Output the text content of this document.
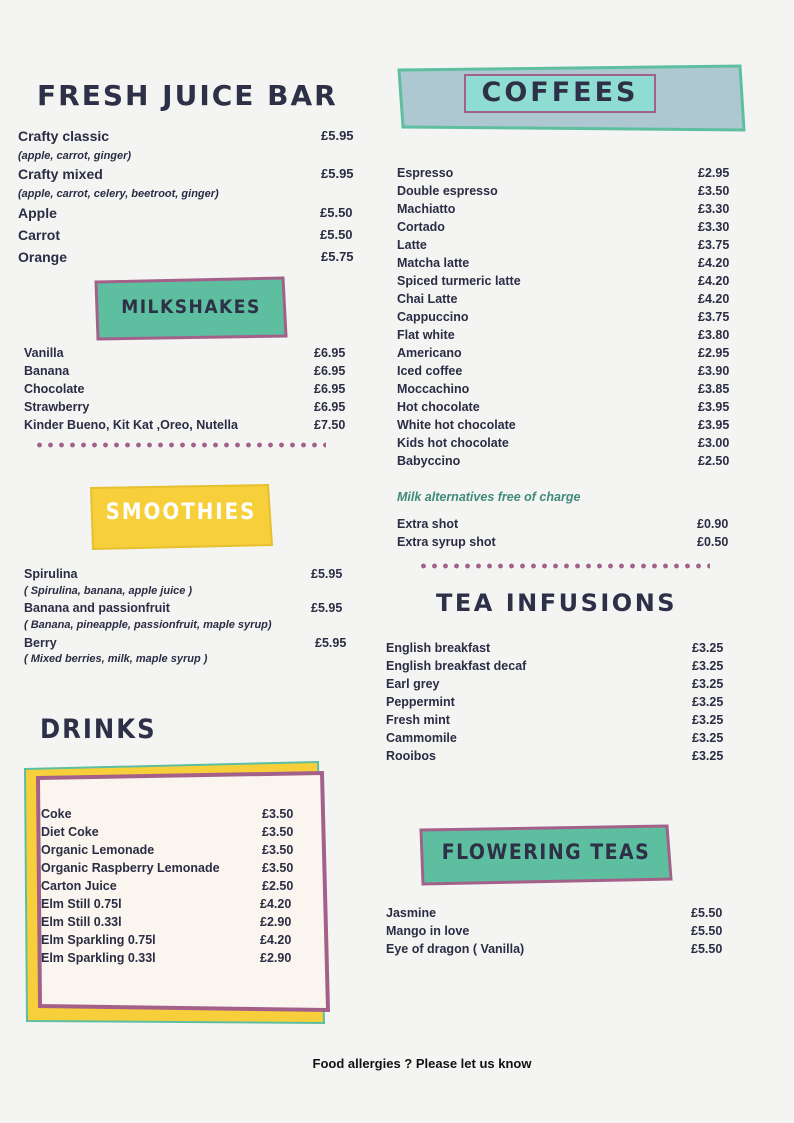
FRESH JUICE BAR
Crafty classic	£5.95
(apple, carrot, ginger)
Crafty mixed	£5.95
(apple, carrot, celery, beetroot, ginger)
Apple	£5.50
Carrot	£5.50
Orange	£5.75
MILKSHAKES
Vanilla	£6.95
Banana	£6.95
Chocolate	£6.95
Strawberry	£6.95
Kinder Bueno, Kit Kat ,Oreo, Nutella	£7.50
SMOOTHIES
Spirulina	£5.95
( Spirulina, banana, apple juice )
Banana and passionfruit	£5.95
( Banana, pineapple, passionfruit, maple syrup)
Berry	£5.95
( Mixed berries, milk, maple syrup )
DRINKS
Coke	£3.50
Diet Coke	£3.50
Organic Lemonade	£3.50
Organic Raspberry Lemonade	£3.50
Carton Juice	£2.50
Elm Still 0.75l	£4.20
Elm Still 0.33l	£2.90
Elm Sparkling 0.75l	£4.20
Elm Sparkling 0.33l	£2.90
COFFEES
Espresso	£2.95
Double espresso	£3.50
Machiatto	£3.30
Cortado	£3.30
Latte	£3.75
Matcha latte	£4.20
Spiced turmeric latte	£4.20
Chai Latte	£4.20
Cappuccino	£3.75
Flat white	£3.80
Americano	£2.95
Iced coffee	£3.90
Moccachino	£3.85
Hot chocolate	£3.95
White hot chocolate	£3.95
Kids hot chocolate	£3.00
Babyccino	£2.50
Milk alternatives free of charge
Extra shot	£0.90
Extra syrup shot	£0.50
TEA INFUSIONS
English breakfast	£3.25
English breakfast decaf	£3.25
Earl grey	£3.25
Peppermint	£3.25
Fresh mint	£3.25
Cammomile	£3.25
Rooibos	£3.25
FLOWERING TEAS
Jasmine	£5.50
Mango in love	£5.50
Eye of dragon ( Vanilla)	£5.50
Food allergies ? Please let us know
